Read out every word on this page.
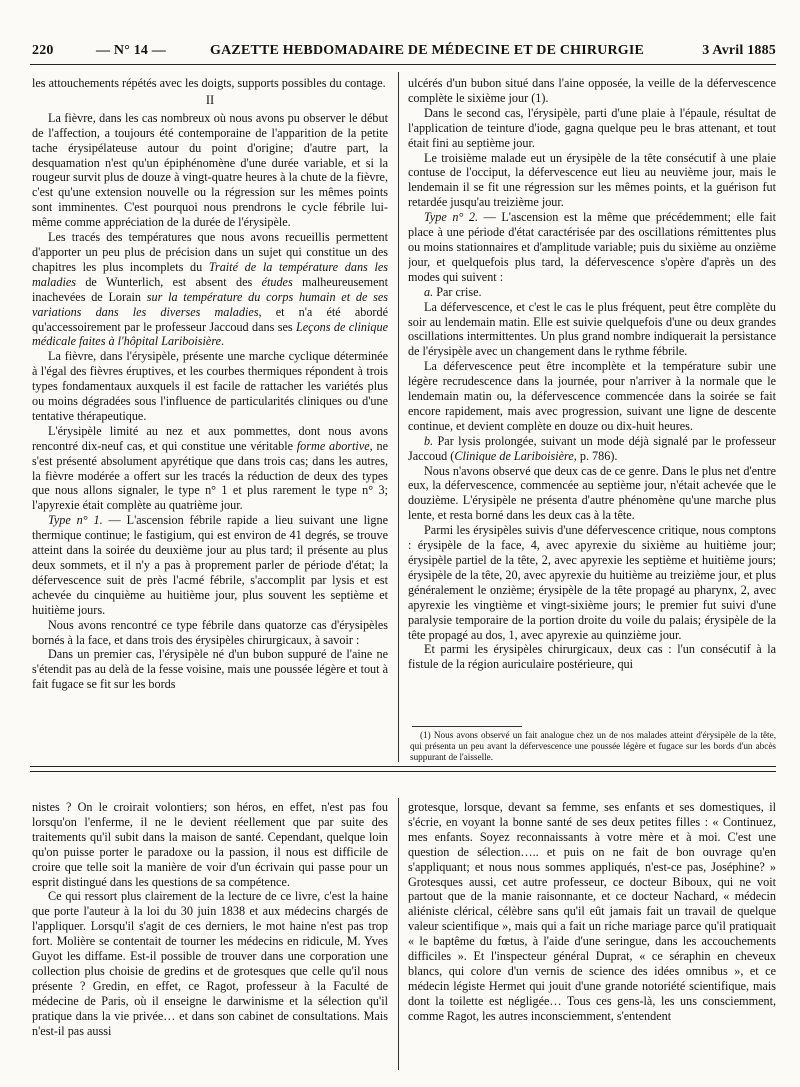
220	— N° 14 —	GAZETTE HEBDOMADAIRE DE MÉDECINE ET DE CHIRURGIE	3 Avril 1885

les attouchements répétés avec les doigts, supports possibles du contage.

II

La fièvre, dans les cas nombreux où nous avons pu observer le début de l'affection, a toujours été contemporaine de l'apparition de la petite tache érysipélateuse autour du point d'origine; d'autre part, la desquamation n'est qu'un épiphénomène d'une durée variable, et si la rougeur survit plus de douze à vingt-quatre heures à la chute de la fièvre, c'est qu'une extension nouvelle ou la régression sur les mêmes points sont imminentes. C'est pourquoi nous prendrons le cycle fébrile lui-même comme appréciation de la durée de l'érysipèle.

Les tracés des températures que nous avons recueillis permettent d'apporter un peu plus de précision dans un sujet qui constitue un des chapitres les plus incomplets du Traité de la température dans les maladies de Wunterlich, est absent des études malheureusement inachevées de Lorain sur la température du corps humain et de ses variations dans les diverses maladies, et n'a été abordé qu'accessoirement par le professeur Jaccoud dans ses Leçons de clinique médicale faites à l'hôpital Lariboisière.

La fièvre, dans l'érysipèle, présente une marche cyclique déterminée à l'égal des fièvres éruptives, et les courbes thermiques répondent à trois types fondamentaux auxquels il est facile de rattacher les variétés plus ou moins dégradées sous l'influence de particularités cliniques ou d'une tentative thérapeutique.

L'érysipèle limité au nez et aux pommettes, dont nous avons rencontré dix-neuf cas, et qui constitue une véritable forme abortive, ne s'est présenté absolument apyrétique que dans trois cas; dans les autres, la fièvre modérée a offert sur les tracés la réduction de deux des types que nous allons signaler, le type n° 1 et plus rarement le type n° 3; l'apyrexie était complète au quatrième jour.

Type n° 1. — L'ascension fébrile rapide a lieu suivant une ligne thermique continue; le fastigium, qui est environ de 41 degrés, se trouve atteint dans la soirée du deuxième jour au plus tard; il présente au plus deux sommets, et il n'y a pas à proprement parler de période d'état; la défervescence suit de près l'acmé fébrile, s'accomplit par lysis et est achevée du cinquième au huitième jour, plus souvent les septième et huitième jours.

Nous avons rencontré ce type fébrile dans quatorze cas d'érysipèles bornés à la face, et dans trois des érysipèles chirurgicaux, à savoir :

Dans un premier cas, l'érysipèle né d'un bubon suppuré de l'aine ne s'étendit pas au delà de la fesse voisine, mais une poussée légère et tout à fait fugace se fit sur les bords

ulcérés d'un bubon situé dans l'aine opposée, la veille de la défervescence complète le sixième jour (1).

Dans le second cas, l'érysipèle, parti d'une plaie à l'épaule, résultat de l'application de teinture d'iode, gagna quelque peu le bras attenant, et tout était fini au septième jour.

Le troisième malade eut un érysipèle de la tête consécutif à une plaie contuse de l'occiput, la défervescence eut lieu au neuvième jour, mais le lendemain il se fit une régression sur les mêmes points, et la guérison fut retardée jusqu'au treizième jour.

Type n° 2. — L'ascension est la même que précédemment; elle fait place à une période d'état caractérisée par des oscillations rémittentes plus ou moins stationnaires et d'amplitude variable; puis du sixième au onzième jour, et quelquefois plus tard, la défervescence s'opère d'après un des modes qui suivent :

a. Par crise.

La défervescence, et c'est le cas le plus fréquent, peut être complète du soir au lendemain matin. Elle est suivie quelquefois d'une ou deux grandes oscillations intermittentes. Un plus grand nombre indiquerait la persistance de l'érysipèle avec un changement dans le rythme fébrile.

La défervescence peut être incomplète et la température subir une légère recrudescence dans la journée, pour n'arriver à la normale que le lendemain matin ou, la défervescence commencée dans la soirée se fait encore rapidement, mais avec progression, suivant une ligne de descente continue, et devient complète en douze ou dix-huit heures.

b. Par lysis prolongée, suivant un mode déjà signalé par le professeur Jaccoud (Clinique de Lariboisière, p. 786).

Nous n'avons observé que deux cas de ce genre. Dans le plus net d'entre eux, la défervescence, commencée au septième jour, n'était achevée que le douzième. L'érysipèle ne présenta d'autre phénomène qu'une marche plus lente, et resta borné dans les deux cas à la tête.

Parmi les érysipèles suivis d'une défervescence critique, nous comptons : érysipèle de la face, 4, avec apyrexie du sixième au huitième jour; érysipèle partiel de la tête, 2, avec apyrexie les septième et huitième jours; érysipèle de la tête, 20, avec apyrexie du huitième au treizième jour, et plus généralement le onzième; érysipèle de la tête propagé au pharynx, 2, avec apyrexie les vingtième et vingt-sixième jours; le premier fut suivi d'une paralysie temporaire de la portion droite du voile du palais; érysipèle de la tête propagé au dos, 1, avec apyrexie au quinzième jour.

Et parmi les érysipèles chirurgicaux, deux cas : l'un consécutif à la fistule de la région auriculaire postérieure, qui

(1) Nous avons observé un fait analogue chez un de nos malades atteint d'érysipèle de la tête, qui présenta un peu avant la défervescence une poussée légère et fugace sur les bords d'un abcès suppurant de l'aisselle.

nistes ? On le croirait volontiers; son héros, en effet, n'est pas fou lorsqu'on l'enferme, il ne le devient réellement que par suite des traitements qu'il subit dans la maison de santé. Cependant, quelque loin qu'on puisse porter le paradoxe ou la passion, il nous est difficile de croire que telle soit la manière de voir d'un écrivain qui passe pour un esprit distingué dans les questions de sa compétence.

Ce qui ressort plus clairement de la lecture de ce livre, c'est la haine que porte l'auteur à la loi du 30 juin 1838 et aux médecins chargés de l'appliquer. Lorsqu'il s'agit de ces derniers, le mot haine n'est pas trop fort. Molière se contentait de tourner les médecins en ridicule, M. Yves Guyot les diffame. Est-il possible de trouver dans une corporation une collection plus choisie de gredins et de grotesques que celle qu'il nous présente ? Gredin, en effet, ce Ragot, professeur à la Faculté de médecine de Paris, où il enseigne le darwinisme et la sélection qu'il pratique dans la vie privée… et dans son cabinet de consultations. Mais n'est-il pas aussi

grotesque, lorsque, devant sa femme, ses enfants et ses domestiques, il s'écrie, en voyant la bonne santé de ses deux petites filles : « Continuez, mes enfants. Soyez reconnaissants à votre mère et à moi. C'est une question de sélection….. et puis on ne fait de bon ouvrage qu'en s'appliquant; et nous nous sommes appliqués, n'est-ce pas, Joséphine? » Grotesques aussi, cet autre professeur, ce docteur Biboux, qui ne voit partout que de la manie raisonnante, et ce docteur Nachard, « médecin aliéniste clérical, célèbre sans qu'il eût jamais fait un travail de quelque valeur scientifique », mais qui a fait un riche mariage parce qu'il pratiquait « le baptême du fœtus, à l'aide d'une seringue, dans les accouchements difficiles ». Et l'inspecteur général Duprat, « ce séraphin en cheveux blancs, qui colore d'un vernis de science des idées omnibus », et ce médecin légiste Hermet qui jouit d'une grande notoriété scientifique, mais dont la toilette est négligée… Tous ces gens-là, les uns consciemment, comme Ragot, les autres inconsciemment, s'entendent
